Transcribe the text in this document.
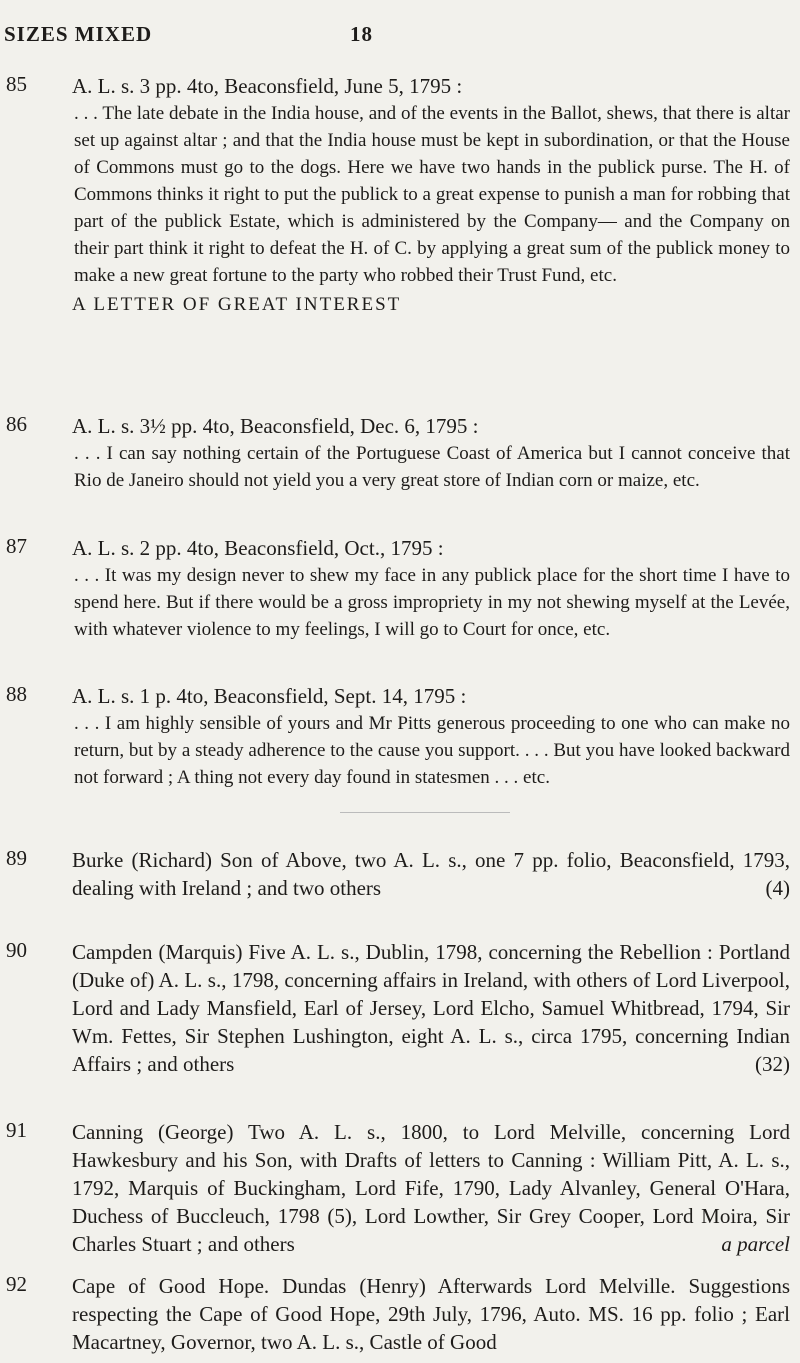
SIZES MIXED	18
85 A. L. s. 3 pp. 4to, Beaconsfield, June 5, 1795 :
. . . The late debate in the India house, and of the events in the Ballot, shews, that there is altar set up against altar ; and that the India house must be kept in subordination, or that the House of Commons must go to the dogs. Here we have two hands in the publick purse. The H. of Commons thinks it right to put the publick to a great expense to punish a man for robbing that part of the publick Estate, which is administered by the Company— and the Company on their part think it right to defeat the H. of C. by applying a great sum of the publick money to make a new great fortune to the party who robbed their Trust Fund, etc.
A LETTER OF GREAT INTEREST
86 A. L. s. 3½ pp. 4to, Beaconsfield, Dec. 6, 1795 :
. . . I can say nothing certain of the Portuguese Coast of America but I cannot conceive that Rio de Janeiro should not yield you a very great store of Indian corn or maize, etc.
87 A. L. s. 2 pp. 4to, Beaconsfield, Oct., 1795 :
. . . It was my design never to shew my face in any publick place for the short time I have to spend here. But if there would be a gross impropriety in my not shewing myself at the Levée, with whatever violence to my feelings, I will go to Court for once, etc.
88 A. L. s. 1 p. 4to, Beaconsfield, Sept. 14, 1795 :
. . . I am highly sensible of yours and Mr Pitts generous proceeding to one who can make no return, but by a steady adherence to the cause you support. . . . But you have looked backward not forward ; A thing not every day found in statesmen . . . etc.
89 Burke (Richard) Son of Above, two A. L. s., one 7 pp. folio, Beaconsfield, 1793, dealing with Ireland ; and two others	(4)
90 Campden (Marquis) Five A. L. s., Dublin, 1798, concerning the Rebellion : Portland (Duke of) A. L. s., 1798, concerning affairs in Ireland, with others of Lord Liverpool, Lord and Lady Mansfield, Earl of Jersey, Lord Elcho, Samuel Whitbread, 1794, Sir Wm. Fettes, Sir Stephen Lushington, eight A. L. s., circa 1795, concerning Indian Affairs ; and others	(32)
91 Canning (George) Two A. L. s., 1800, to Lord Melville, concerning Lord Hawkesbury and his Son, with Drafts of letters to Canning : William Pitt, A. L. s., 1792, Marquis of Buckingham, Lord Fife, 1790, Lady Alvanley, General O'Hara, Duchess of Buccleuch, 1798 (5), Lord Lowther, Sir Grey Cooper, Lord Moira, Sir Charles Stuart ; and others	a parcel
92 Cape of Good Hope. Dundas (Henry) Afterwards Lord Melville. Suggestions respecting the Cape of Good Hope, 29th July, 1796, Auto. MS. 16 pp. folio ; Earl Macartney, Governor, two A. L. s., Castle of Good
